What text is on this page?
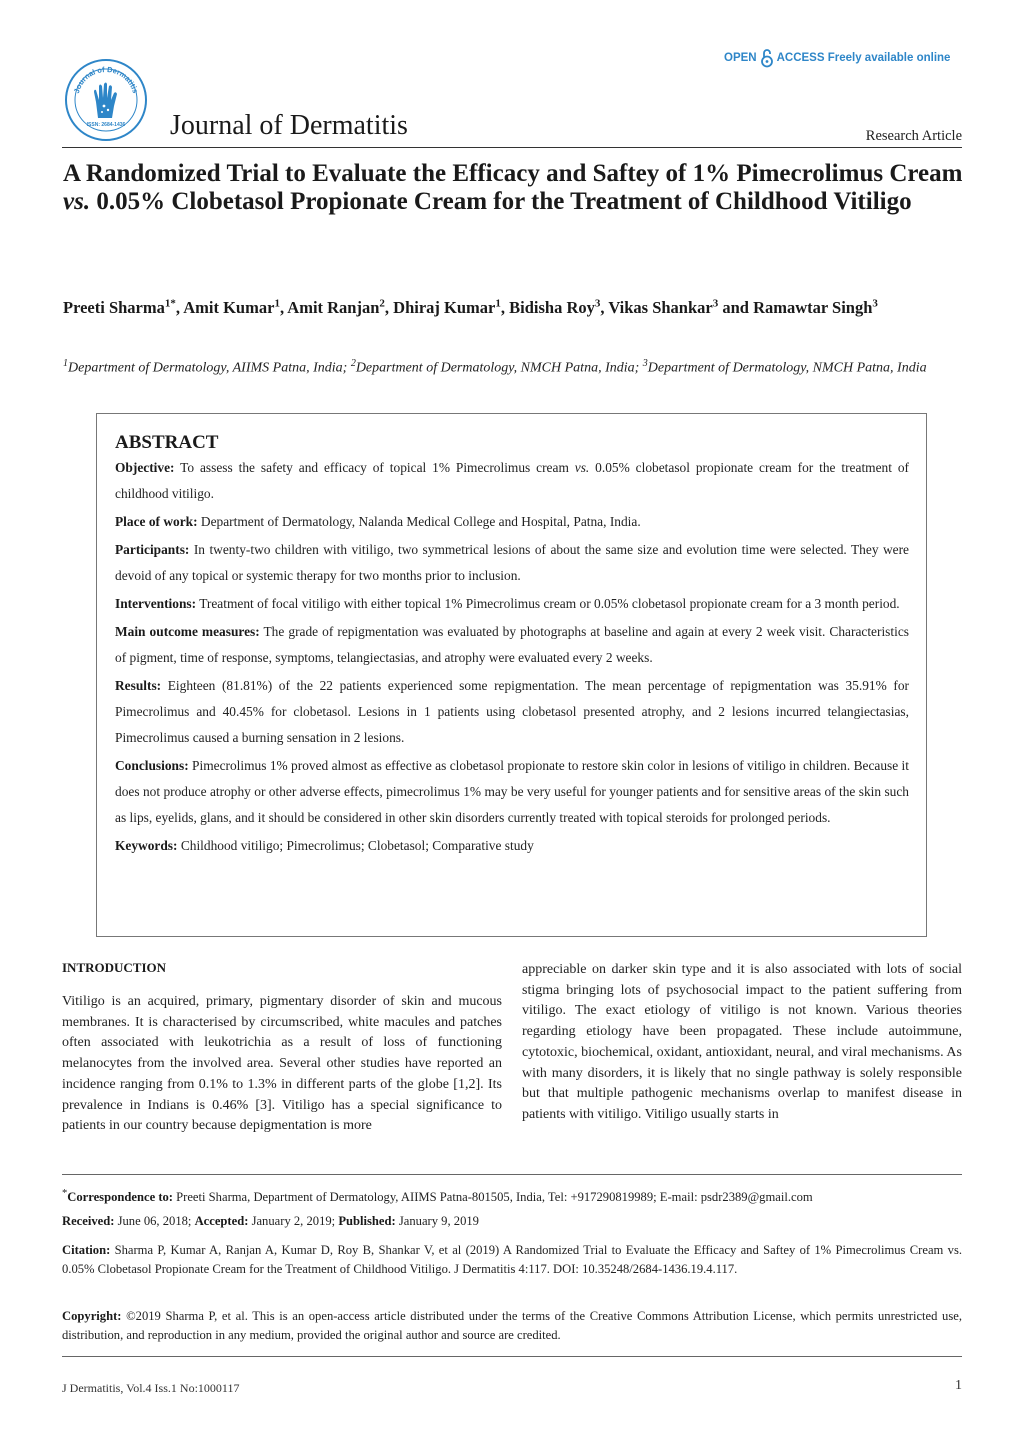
Journal of Dermatitis
ISSN: 2684-1436
OPEN ACCESS Freely available online
Journal of Dermatitis	Research Article
A Randomized Trial to Evaluate the Efficacy and Saftey of 1% Pimecrolimus Cream vs. 0.05% Clobetasol Propionate Cream for the Treatment of Childhood Vitiligo
Preeti Sharma$^{1*}$, Amit Kumar$^1$, Amit Ranjan$^2$, Dhiraj Kumar$^1$, Bidisha Roy$^3$, Vikas Shankar$^3$ and Ramawtar Singh$^3$
$^1$Department of Dermatology, AIIMS Patna, India; $^2$Department of Dermatology, NMCH Patna, India; $^3$Department of Dermatology, NMCH Patna, India
ABSTRACT

Objective: To assess the safety and efficacy of topical 1% Pimecrolimus cream vs. 0.05% clobetasol propionate cream for the treatment of childhood vitiligo.

Place of work: Department of Dermatology, Nalanda Medical College and Hospital, Patna, India.

Participants: In twenty-two children with vitiligo, two symmetrical lesions of about the same size and evolution time were selected. They were devoid of any topical or systemic therapy for two months prior to inclusion.

Interventions: Treatment of focal vitiligo with either topical 1% Pimecrolimus cream or 0.05% clobetasol propionate cream for a 3 month period.

Main outcome measures: The grade of repigmentation was evaluated by photographs at baseline and again at every 2 week visit. Characteristics of pigment, time of response, symptoms, telangiectasias, and atrophy were evaluated every 2 weeks.

Results: Eighteen (81.81%) of the 22 patients experienced some repigmentation. The mean percentage of repigmentation was 35.91% for Pimecrolimus and 40.45% for clobetasol. Lesions in 1 patients using clobetasol presented atrophy, and 2 lesions incurred telangiectasias, Pimecrolimus caused a burning sensation in 2 lesions.

Conclusions: Pimecrolimus 1% proved almost as effective as clobetasol propionate to restore skin color in lesions of vitiligo in children. Because it does not produce atrophy or other adverse effects, pimecrolimus 1% may be very useful for younger patients and for sensitive areas of the skin such as lips, eyelids, glans, and it should be considered in other skin disorders currently treated with topical steroids for prolonged periods.

Keywords: Childhood vitiligo; Pimecrolimus; Clobetasol; Comparative study

INTRODUCTION

Vitiligo is an acquired, primary, pigmentary disorder of skin and mucous membranes. It is characterised by circumscribed, white macules and patches often associated with leukotrichia as a result of loss of functioning melanocytes from the involved area. Several other studies have reported an incidence ranging from 0.1% to 1.3% in different parts of the globe [1,2]. Its prevalence in Indians is 0.46% [3]. Vitiligo has a special significance to patients in our country because depigmentation is more

appreciable on darker skin type and it is also associated with lots of social stigma bringing lots of psychosocial impact to the patient suffering from vitiligo. The exact etiology of vitiligo is not known. Various theories regarding etiology have been propagated. These include autoimmune, cytotoxic, biochemical, oxidant, antioxidant, neural, and viral mechanisms. As with many disorders, it is likely that no single pathway is solely responsible but that multiple pathogenic mechanisms overlap to manifest disease in patients with vitiligo. Vitiligo usually starts in

*Correspondence to: Preeti Sharma, Department of Dermatology, AIIMS Patna-801505, India, Tel: +917290819989; E-mail: psdr2389@gmail.com

Received: June 06, 2018; Accepted: January 2, 2019; Published: January 9, 2019

Citation: Sharma P, Kumar A, Ranjan A, Kumar D, Roy B, Shankar V, et al (2019) A Randomized Trial to Evaluate the Efficacy and Saftey of 1% Pimecrolimus Cream vs. 0.05% Clobetasol Propionate Cream for the Treatment of Childhood Vitiligo. J Dermatitis 4:117. DOI: 10.35248/2684-1436.19.4.117.

Copyright: ©2019 Sharma P, et al. This is an open-access article distributed under the terms of the Creative Commons Attribution License, which permits unrestricted use, distribution, and reproduction in any medium, provided the original author and source are credited.

J Dermatitis, Vol.4 Iss.1 No:1000117	1
